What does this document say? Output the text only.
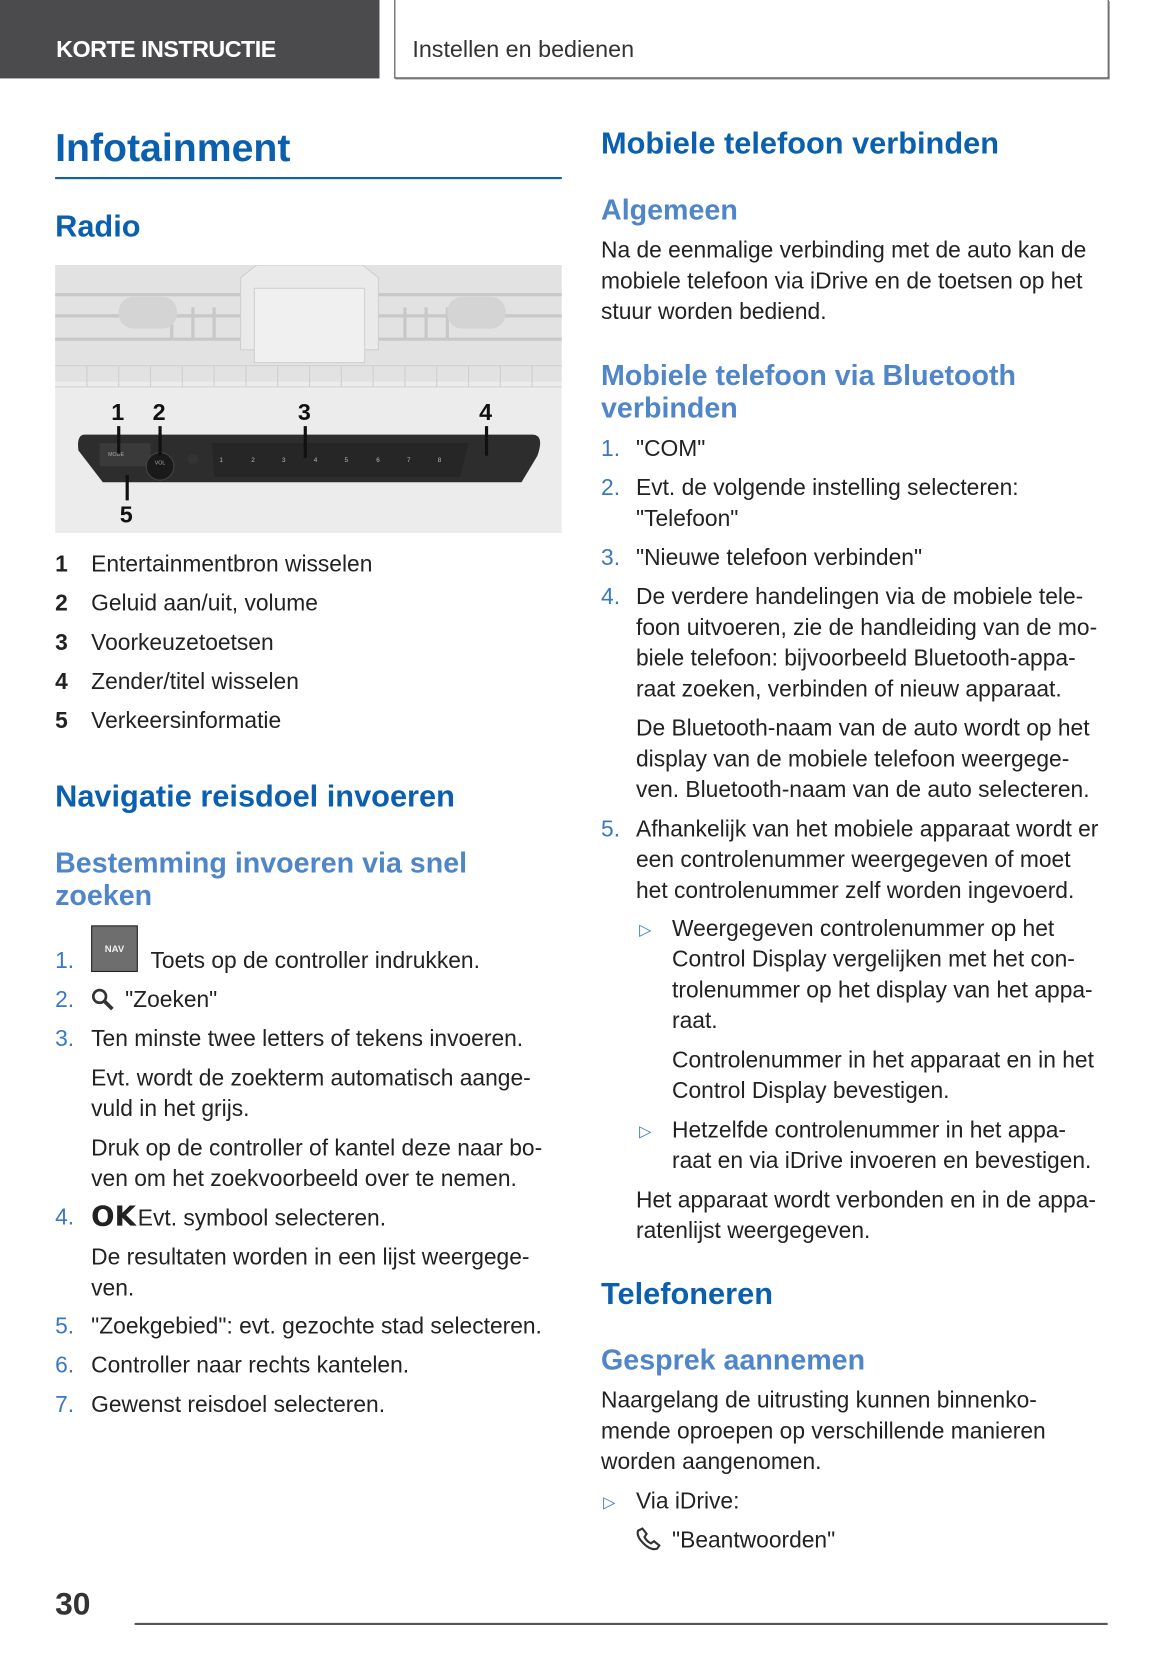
KORTE INSTRUCTIE	Instellen en bedienen
Infotainment
Radio
MODE
VOL	1	2	3	4	5	6	7	8
1 2	3	4
5
1 Entertainmentbron wisselen
2 Geluid aan/uit, volume
3 Voorkeuzetoetsen
4 Zender/titel wisselen
5 Verkeersinformatie
Navigatie reisdoel invoeren
Bestemming invoeren via snel zoeken
1.	NAV	Toets op de controller indrukken.
2. "Zoeken"
3. Ten minste twee letters of tekens invoeren.
Evt. wordt de zoekterm automatisch aange-
vuld in het grijs.
Druk op de controller of kantel deze naar bo-
ven om het zoekvoorbeeld over te nemen.
4. OK Evt. symbool selecteren.
De resultaten worden in een lijst weergege-
ven.
5. "Zoekgebied": evt. gezochte stad selecteren.
6. Controller naar rechts kantelen.
7. Gewenst reisdoel selecteren.
Mobiele telefoon verbinden
Algemeen
Na de eenmalige verbinding met de auto kan de
mobiele telefoon via iDrive en de toetsen op het
stuur worden bediend.
Mobiele telefoon via Bluetooth
verbinden
1. "COM"
2. Evt. de volgende instelling selecteren:
"Telefoon"
3. "Nieuwe telefoon verbinden"
4. De verdere handelingen via de mobiele tele-
foon uitvoeren, zie de handleiding van de mo-
biele telefoon: bijvoorbeeld Bluetooth-appa-
raat zoeken, verbinden of nieuw apparaat.
De Bluetooth-naam van de auto wordt op het
display van de mobiele telefoon weergege-
ven. Bluetooth-naam van de auto selecteren.
5. Afhankelijk van het mobiele apparaat wordt er
een controlenummer weergegeven of moet
het controlenummer zelf worden ingevoerd.
▷ Weergegeven controlenummer op het
Control Display vergelijken met het con-
trolenummer op het display van het appa-
raat.
Controlenummer in het apparaat en in het
Control Display bevestigen.
▷ Hetzelfde controlenummer in het appa-
raat en via iDrive invoeren en bevestigen.
Het apparaat wordt verbonden en in de appa-
ratenlijst weergegeven.
Telefoneren
Gesprek aannemen
Naargelang de uitrusting kunnen binnenko-
mende oproepen op verschillende manieren
worden aangenomen.
▷ Via iDrive:
"Beantwoorden"
30
